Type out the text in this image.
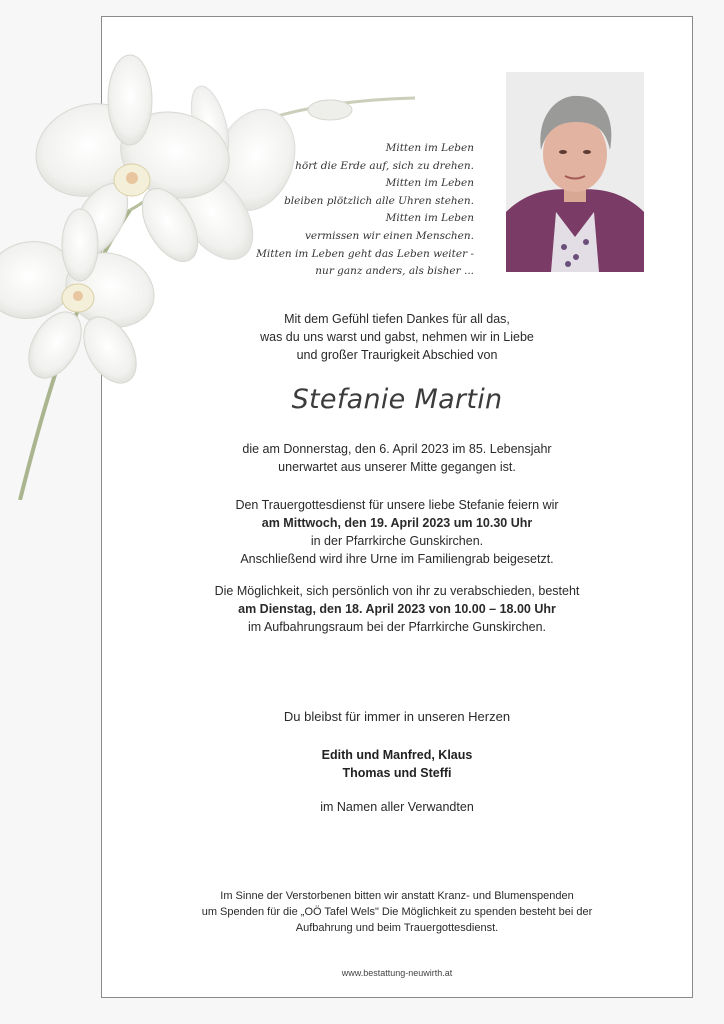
Mitten im Leben
hört die Erde auf, sich zu drehen.
Mitten im Leben
bleiben plötzlich alle Uhren stehen.
Mitten im Leben
vermissen wir einen Menschen.
Mitten im Leben geht das Leben weiter -
nur ganz anders, als bisher ...
Mit dem Gefühl tiefen Dankes für all das,
was du uns warst und gabst, nehmen wir in Liebe
und großer Traurigkeit Abschied von
Stefanie Martin
die am Donnerstag, den 6. April 2023 im 85. Lebensjahr
unerwartet aus unserer Mitte gegangen ist.
Den Trauergottesdienst für unsere liebe Stefanie feiern wir
am Mittwoch, den 19. April 2023 um 10.30 Uhr
in der Pfarrkirche Gunskirchen.
Anschließend wird ihre Urne im Familiengrab beigesetzt.
Die Möglichkeit, sich persönlich von ihr zu verabschieden, besteht
am Dienstag, den 18. April 2023 von 10.00 – 18.00 Uhr
im Aufbahrungsraum bei der Pfarrkirche Gunskirchen.
Du bleibst für immer in unseren Herzen
Edith und Manfred, Klaus
Thomas und Steffi
im Namen aller Verwandten
Im Sinne der Verstorbenen bitten wir anstatt Kranz- und Blumenspenden
um Spenden für die „OÖ Tafel Wels" Die Möglichkeit zu spenden besteht bei der
Aufbahrung und beim Trauergottesdienst.
www.bestattung-neuwirth.at
